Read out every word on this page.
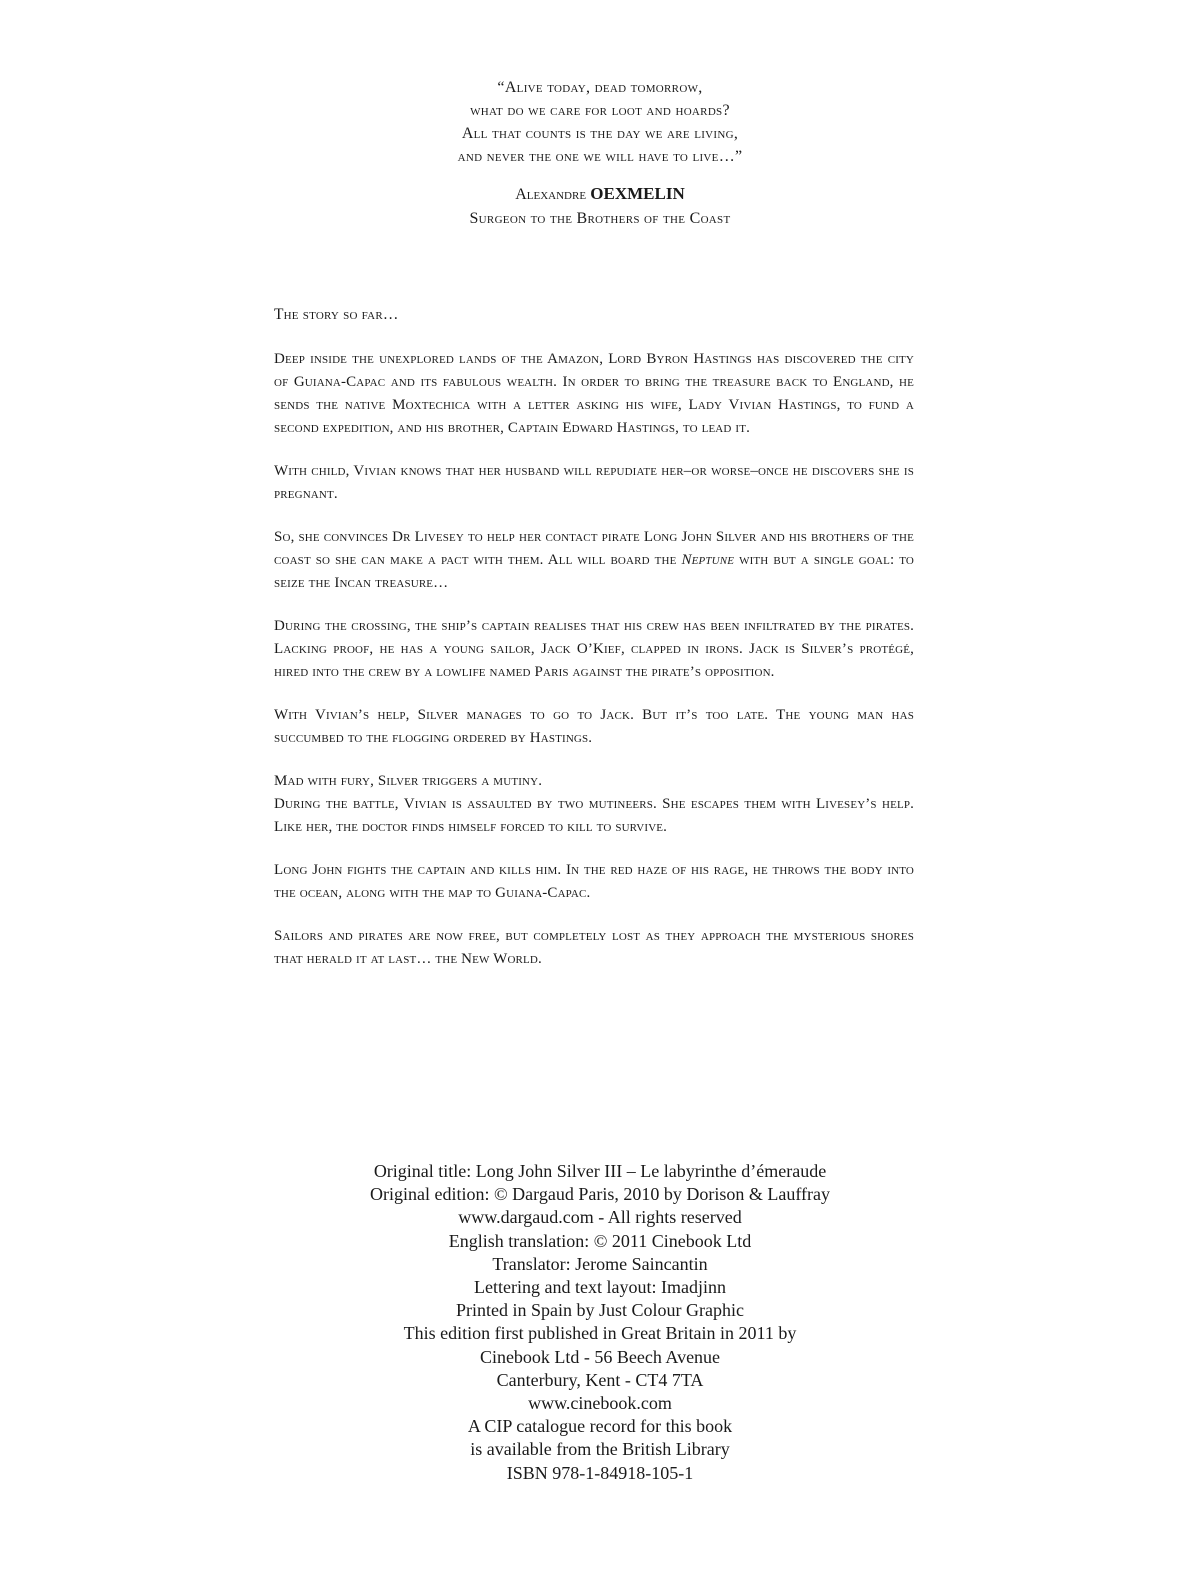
“Alive today, dead tomorrow,
what do we care for loot and hoards?
All that counts is the day we are living,
and never the one we will have to live…”
Alexandre OEXMELIN
Surgeon to the Brothers of the Coast
The story so far…

Deep inside the unexplored lands of the Amazon, Lord Byron Hastings has discovered the city of Guiana-Capac and its fabulous wealth. In order to bring the treasure back to England, he sends the native Moxtechica with a letter asking his wife, Lady Vivian Hastings, to fund a second expedition, and his brother, Captain Edward Hastings, to lead it.

With child, Vivian knows that her husband will repudiate her–or worse–once he discovers she is pregnant.

So, she convinces Dr Livesey to help her contact pirate Long John Silver and his brothers of the coast so she can make a pact with them. All will board the Neptune with but a single goal: to seize the Incan treasure…

During the crossing, the ship’s captain realises that his crew has been infiltrated by the pirates. Lacking proof, he has a young sailor, Jack O’Kief, clapped in irons. Jack is Silver’s protégé, hired into the crew by a lowlife named Paris against the pirate’s opposition.

With Vivian’s help, Silver manages to go to Jack. But it’s too late. The young man has succumbed to the flogging ordered by Hastings.

Mad with fury, Silver triggers a mutiny.
During the battle, Vivian is assaulted by two mutineers. She escapes them with Livesey’s help. Like her, the doctor finds himself forced to kill to survive.

Long John fights the captain and kills him. In the red haze of his rage, he throws the body into the ocean, along with the map to Guiana-Capac.

Sailors and pirates are now free, but completely lost as they approach the mysterious shores that herald it at last… the New World.

Original title: Long John Silver III – Le labyrinthe d’émeraude
Original edition: © Dargaud Paris, 2010 by Dorison & Lauffray
www.dargaud.com - All rights reserved
English translation: © 2011 Cinebook Ltd
Translator: Jerome Saincantin
Lettering and text layout: Imadjinn
Printed in Spain by Just Colour Graphic
This edition first published in Great Britain in 2011 by
Cinebook Ltd - 56 Beech Avenue
Canterbury, Kent - CT4 7TA
www.cinebook.com
A CIP catalogue record for this book
is available from the British Library
ISBN 978-1-84918-105-1
